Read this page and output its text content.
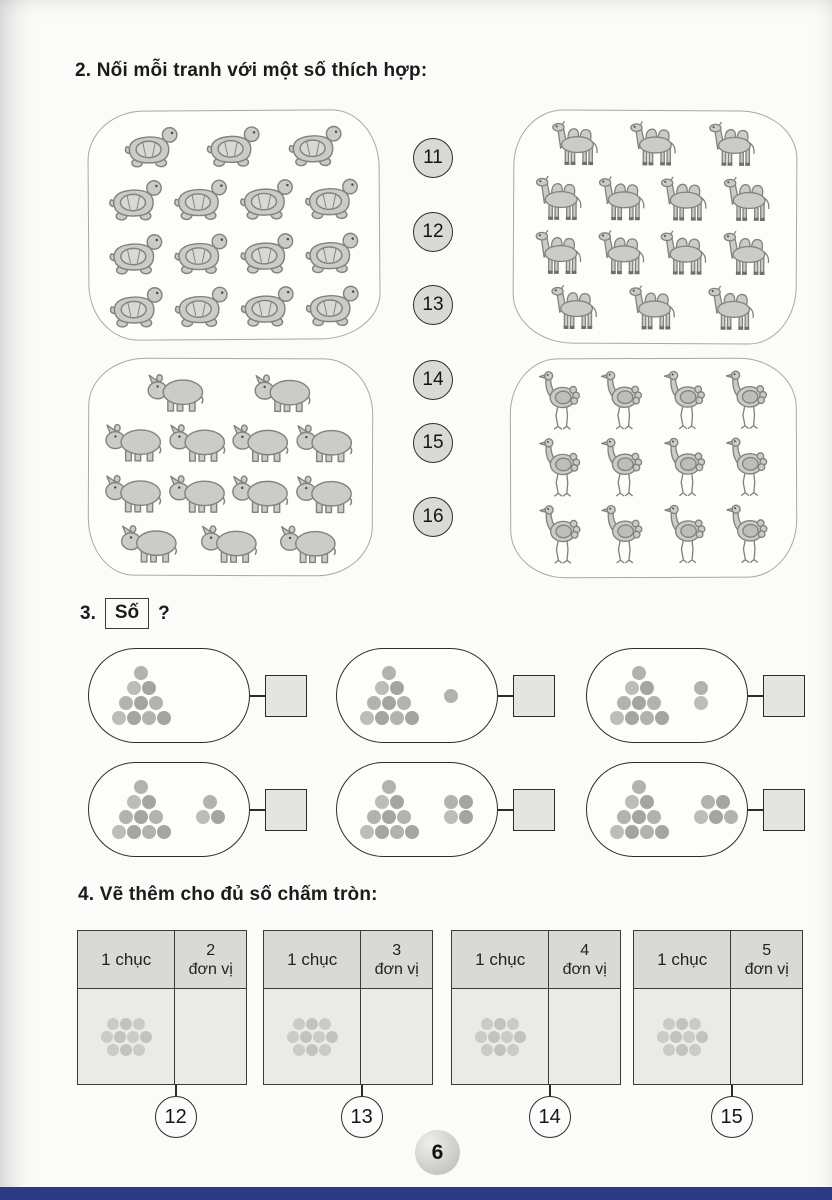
2. Nối mỗi tranh với một số thích hợp:
11
12
13
14
15
16
3.	Số	?
4. Vẽ thêm cho đủ số chấm tròn:
1 chục	2
đơn vị
12
1 chục	3
đơn vị
13
1 chục	4
đơn vị
14
1 chục	5
đơn vị
15
6
